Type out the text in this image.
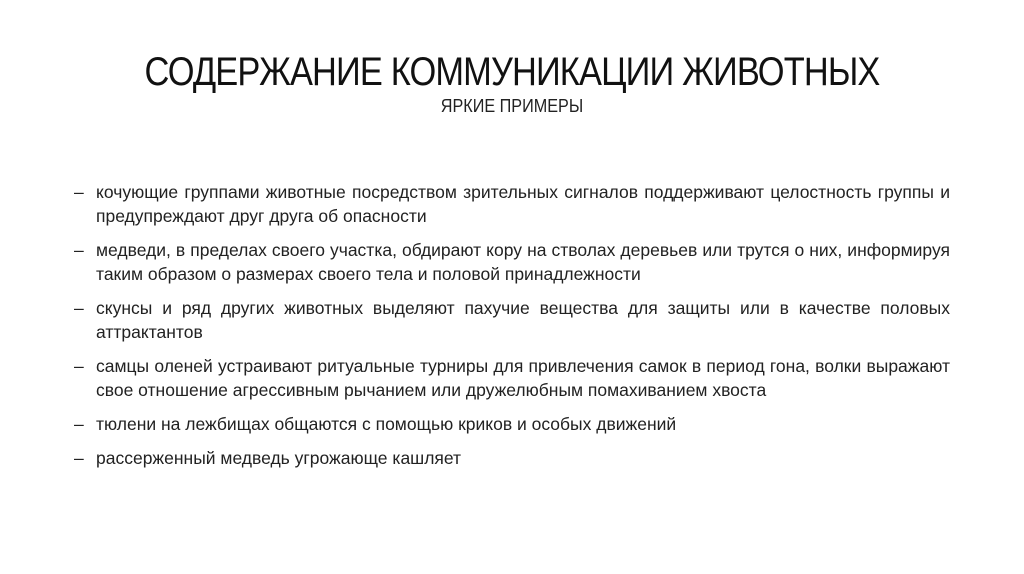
СОДЕРЖАНИЕ КОММУНИКАЦИИ ЖИВОТНЫХ
ЯРКИЕ ПРИМЕРЫ
– кочующие группами животные посредством зрительных сигналов поддерживают целостность группы и предупреждают друг друга об опасности
– медведи, в пределах своего участка, обдирают кору на стволах деревьев или трутся о них, информируя таким образом о размерах своего тела и половой принадлежности
– скунсы и ряд других животных выделяют пахучие вещества для защиты или в качестве половых аттрактантов
– самцы оленей устраивают ритуальные турниры для привлечения самок в период гона, волки выражают свое отношение агрессивным рычанием или дружелюбным помахиванием хвоста
– тюлени на лежбищах общаются с помощью криков и особых движений
– рассерженный медведь угрожающе кашляет
